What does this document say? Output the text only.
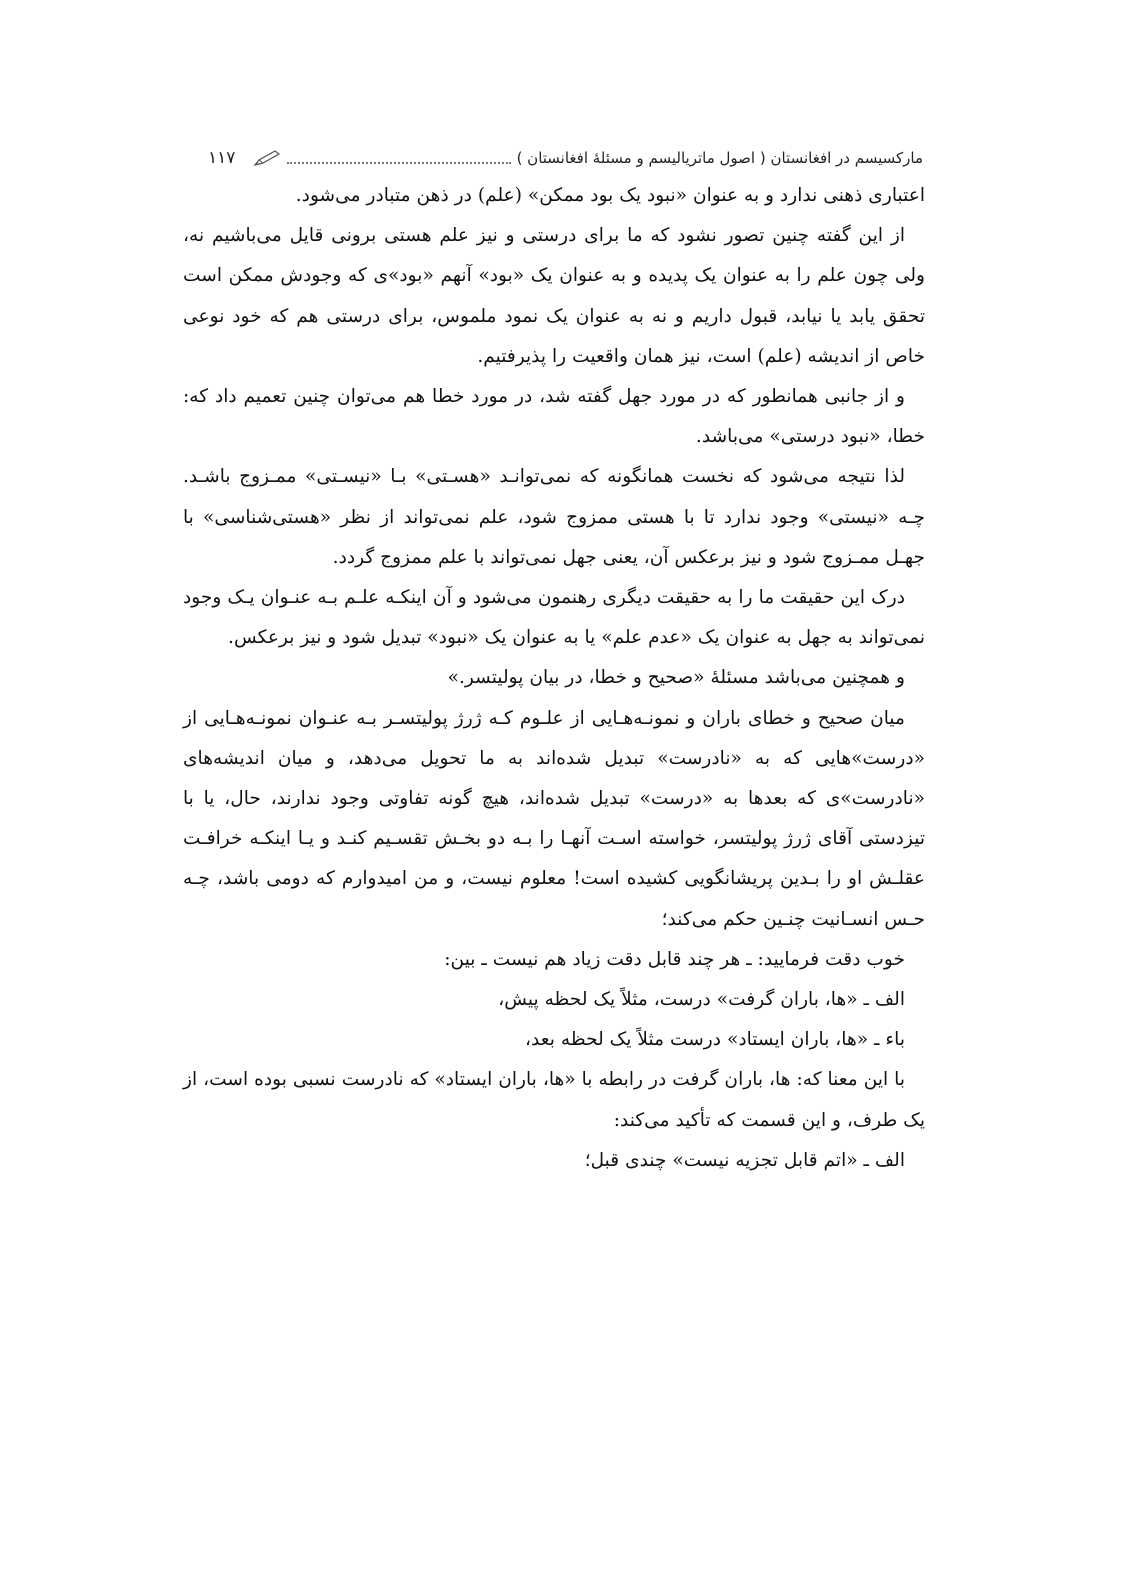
مارکسیسم در افغانستان ( اصول ماتریالیسم و مسئلۀ افغانستان )
۱۱۷

اعتباری ذهنی ندارد و به عنوان «نبود یک بود ممکن» (علم) در ذهن متبادر می‌شود.

از این گفته چنین تصور نشود که ما برای درستی و نیز علم هستی برونی قایل می‌باشیم نه، ولی چون علم را به عنوان یک پدیده و به عنوان یک «بود» آنهم «بود»ی که وجودش ممکن است تحقق یابد یا نیابد، قبول داریم و نه به عنوان یک نمود ملموس، برای درستی هم که خود نوعی خاص از اندیشه (علم) است، نیز همان واقعیت را پذیرفتیم.

و از جانبی همانطور که در مورد جهل گفته شد، در مورد خطا هم می‌توان چنین تعمیم داد که: خطا، «نبود درستی» می‌باشد.

لذا نتیجه می‌شود که نخست همانگونه که نمی‌توانـد «هسـتی» بـا «نیسـتی» ممـزوج باشـد. چـه «نیستی» وجود ندارد تا با هستی ممزوج شود، علم نمی‌تواند از نظر «هستی‌شناسی» با جهـل ممـزوج شود و نیز برعکس آن، یعنی جهل نمی‌تواند با علم ممزوج گردد.

درک این حقیقت ما را به حقیقت دیگری رهنمون می‌شود و آن اینکـه علـم بـه عنـوان یـک وجود نمی‌تواند به جهل به عنوان یک «عدم علم» یا به عنوان یک «نبود» تبدیل شود و نیز برعکس.

و همچنین می‌باشد مسئلۀ «صحیح و خطا، در بیان پولیتسر.»

میان صحیح و خطای باران و نمونـه‌هـایی از علـوم کـه ژرژ پولیتسـر بـه عنـوان نمونـه‌هـایی از «درست»هایی که به «نادرست» تبدیل شده‌اند به ما تحویل می‌دهد، و میان اندیشه‌های «نادرست»ی که بعدها به «درست» تبدیل شده‌اند، هیچ گونه تفاوتی وجود ندارند، حال، یا با تیزدستی آقای ژرژ پولیتسر، خواسته اسـت آنهـا را بـه دو بخـش تقسـیم کنـد و یـا اینکـه خرافـت عقلـش او را بـدین پریشانگویی کشیده است! معلوم نیست، و من امیدوارم که دومی باشد، چـه حـس انسـانیت چنـین حکم می‌کند؛

خوب دقت فرمایید: ـ هر چند قابل دقت زیاد هم نیست ـ بین:

الف ـ «ها، باران گرفت» درست، مثلاً یک لحظه پیش،

باء ـ «ها، باران ایستاد» درست مثلاً یک لحظه بعد،

با این معنا که: ها، باران گرفت در رابطه با «ها، باران ایستاد» که نادرست نسبی بوده است، از یک طرف، و این قسمت که تأکید می‌کند:

الف ـ «اتم قابل تجزیه نیست» چندی قبل؛
